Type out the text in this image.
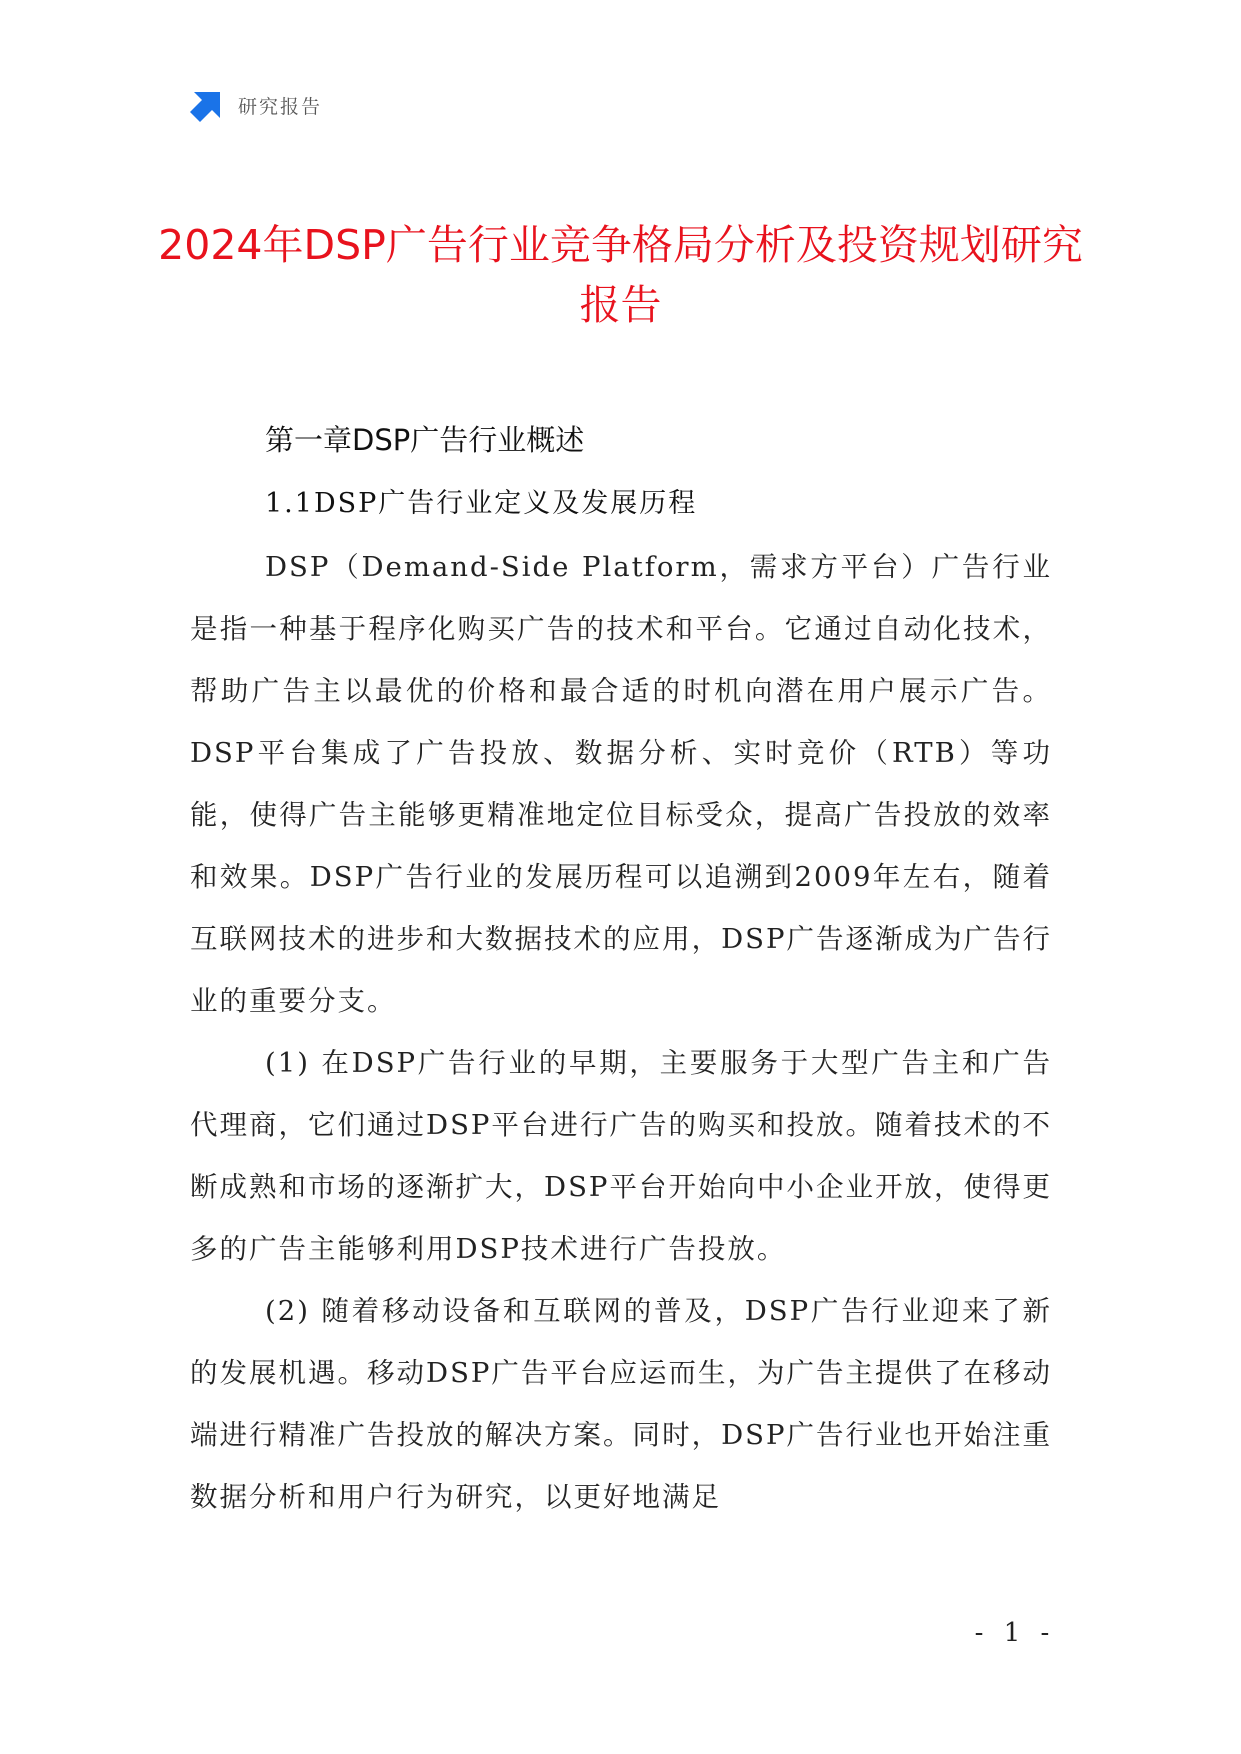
研究报告
2024年DSP广告行业竞争格局分析及投资规划研究报告
第一章DSP广告行业概述
1.1DSP广告行业定义及发展历程

DSP（Demand-Side Platform，需求方平台）广告行业是指一种基于程序化购买广告的技术和平台。它通过自动化技术，帮助广告主以最优的价格和最合适的时机向潜在用户展示广告。DSP平台集成了广告投放、数据分析、实时竞价（RTB）等功能，使得广告主能够更精准地定位目标受众，提高广告投放的效率和效果。DSP广告行业的发展历程可以追溯到2009年左右，随着互联网技术的进步和大数据技术的应用，DSP广告逐渐成为广告行业的重要分支。

(1) 在DSP广告行业的早期，主要服务于大型广告主和广告代理商，它们通过DSP平台进行广告的购买和投放。随着技术的不断成熟和市场的逐渐扩大，DSP平台开始向中小企业开放，使得更多的广告主能够利用DSP技术进行广告投放。

(2) 随着移动设备和互联网的普及，DSP广告行业迎来了新的发展机遇。移动DSP广告平台应运而生，为广告主提供了在移动端进行精准广告投放的解决方案。同时，DSP广告行业也开始注重数据分析和用户行为研究，以更好地满足

- 1 -
